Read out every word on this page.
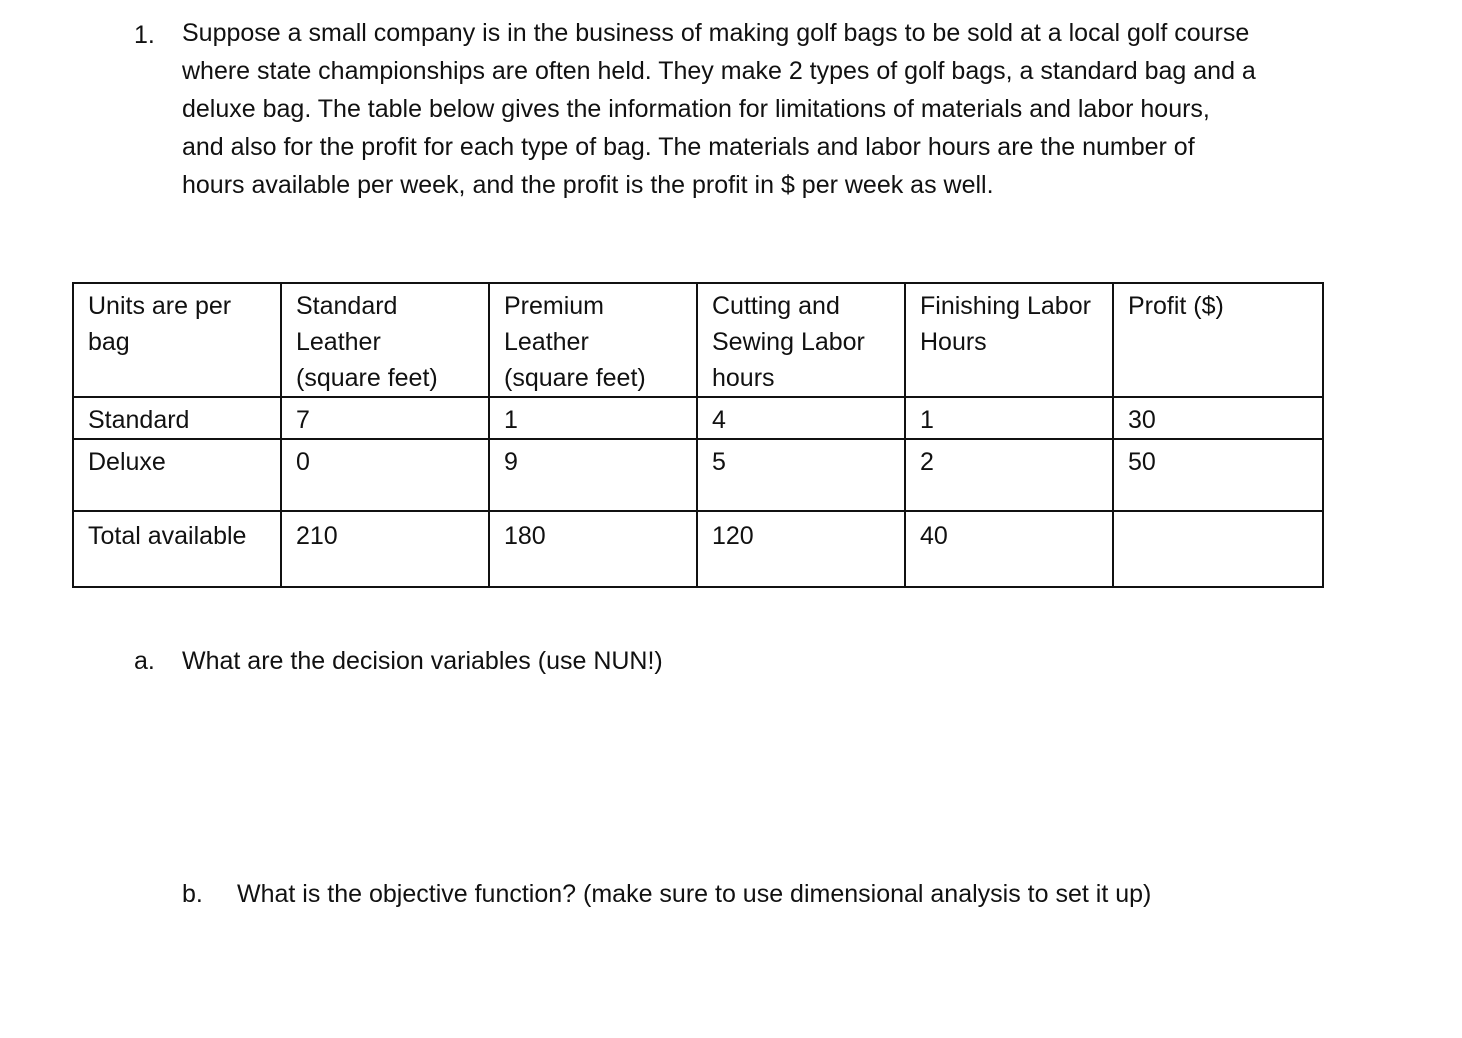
1. Suppose a small company is in the business of making golf bags to be sold at a local golf course
where state championships are often held. They make 2 types of golf bags, a standard bag and a
deluxe bag. The table below gives the information for limitations of materials and labor hours,
and also for the profit for each type of bag. The materials and labor hours are the number of
hours available per week, and the profit is the profit in $ per week as well.
Units are per
bag	Standard
Leather
(square feet)	Premium
Leather
(square feet)	Cutting and
Sewing Labor
hours	Finishing Labor
Hours	Profit ($)

Standard	7	1	4	1	30
Deluxe	0	9	5	2	50
Total available	210	180	120	40	
a. What are the decision variables (use NUN!)
b. What is the objective function? (make sure to use dimensional analysis to set it up)
